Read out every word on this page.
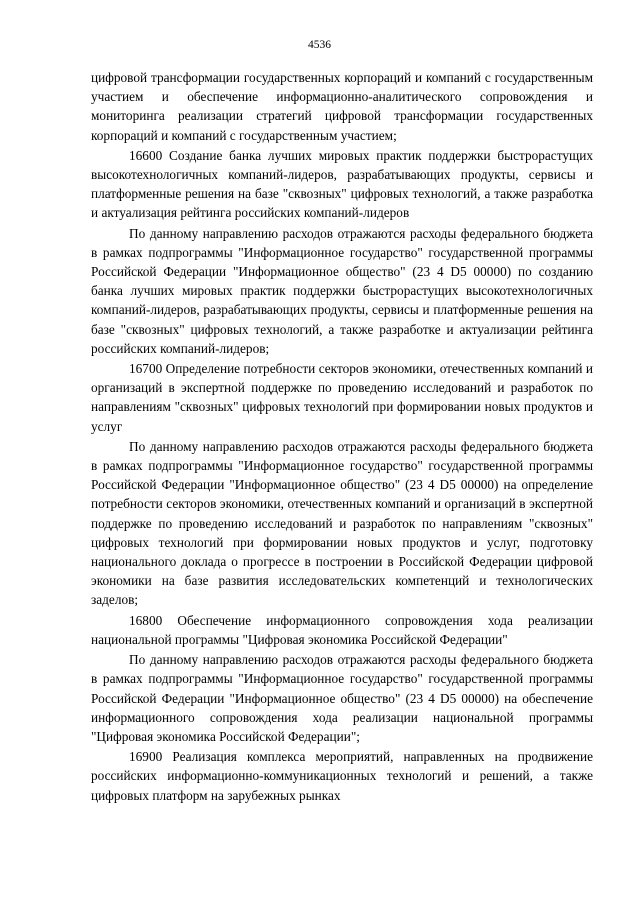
4536

цифровой трансформации государственных корпораций и компаний с государственным участием и обеспечение информационно-аналитического сопровождения и мониторинга реализации стратегий цифровой трансформации государственных корпораций и компаний с государственным участием;

16600 Создание банка лучших мировых практик поддержки быстрорастущих высокотехнологичных компаний-лидеров, разрабатывающих продукты, сервисы и платформенные решения на базе "сквозных" цифровых технологий, а также разработка и актуализация рейтинга российских компаний-лидеров

По данному направлению расходов отражаются расходы федерального бюджета в рамках подпрограммы "Информационное государство" государственной программы Российской Федерации "Информационное общество" (23 4 D5 00000) по созданию банка лучших мировых практик поддержки быстрорастущих высокотехнологичных компаний-лидеров, разрабатывающих продукты, сервисы и платформенные решения на базе "сквозных" цифровых технологий, а также разработке и актуализации рейтинга российских компаний-лидеров;

16700 Определение потребности секторов экономики, отечественных компаний и организаций в экспертной поддержке по проведению исследований и разработок по направлениям "сквозных" цифровых технологий при формировании новых продуктов и услуг

По данному направлению расходов отражаются расходы федерального бюджета в рамках подпрограммы "Информационное государство" государственной программы Российской Федерации "Информационное общество" (23 4 D5 00000) на определение потребности секторов экономики, отечественных компаний и организаций в экспертной поддержке по проведению исследований и разработок по направлениям "сквозных" цифровых технологий при формировании новых продуктов и услуг, подготовку национального доклада о прогрессе в построении в Российской Федерации цифровой экономики на базе развития исследовательских компетенций и технологических заделов;

16800 Обеспечение информационного сопровождения хода реализации национальной программы "Цифровая экономика Российской Федерации"

По данному направлению расходов отражаются расходы федерального бюджета в рамках подпрограммы "Информационное государство" государственной программы Российской Федерации "Информационное общество" (23 4 D5 00000) на обеспечение информационного сопровождения хода реализации национальной программы "Цифровая экономика Российской Федерации";

16900 Реализация комплекса мероприятий, направленных на продвижение российских информационно-коммуникационных технологий и решений, а также цифровых платформ на зарубежных рынках
